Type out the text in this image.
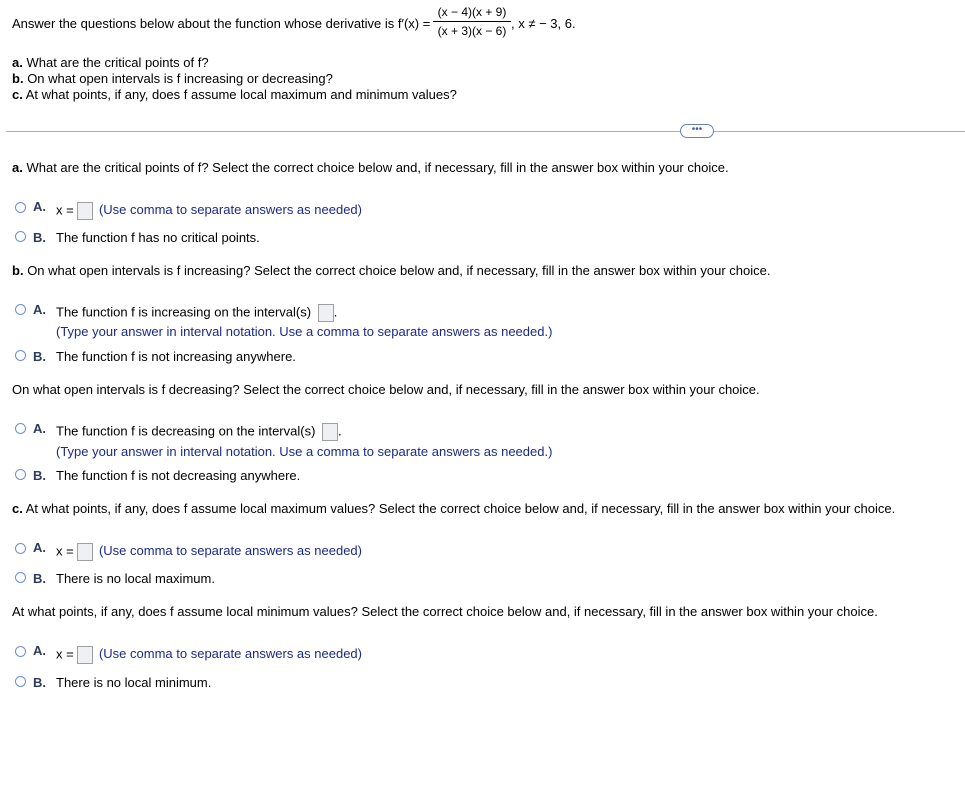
Answer the questions below about the function whose derivative is f′(x) =
(x − 4)(x + 9)
(x + 3)(x − 6) , x ≠ − 3, 6.
a. What are the critical points of f?
b. On what open intervals is f increasing or decreasing?
c. At what points, if any, does f assume local maximum and minimum values?
•••
a. What are the critical points of f? Select the correct choice below and, if necessary, fill in the answer box within your choice.
A. x = (Use comma to separate answers as needed)
B. The function f has no critical points.
b. On what open intervals is f increasing? Select the correct choice below and, if necessary, fill in the answer box within your choice.
A. The function f is increasing on the interval(s) .
(Type your answer in interval notation. Use a comma to separate answers as needed.)
B. The function f is not increasing anywhere.
On what open intervals is f decreasing? Select the correct choice below and, if necessary, fill in the answer box within your choice.
A. The function f is decreasing on the interval(s) .
(Type your answer in interval notation. Use a comma to separate answers as needed.)
B. The function f is not decreasing anywhere.
c. At what points, if any, does f assume local maximum values? Select the correct choice below and, if necessary, fill in the answer box within your choice.
A. x = (Use comma to separate answers as needed)
B. There is no local maximum.
At what points, if any, does f assume local minimum values? Select the correct choice below and, if necessary, fill in the answer box within your choice.
A. x = (Use comma to separate answers as needed)
B. There is no local minimum.
